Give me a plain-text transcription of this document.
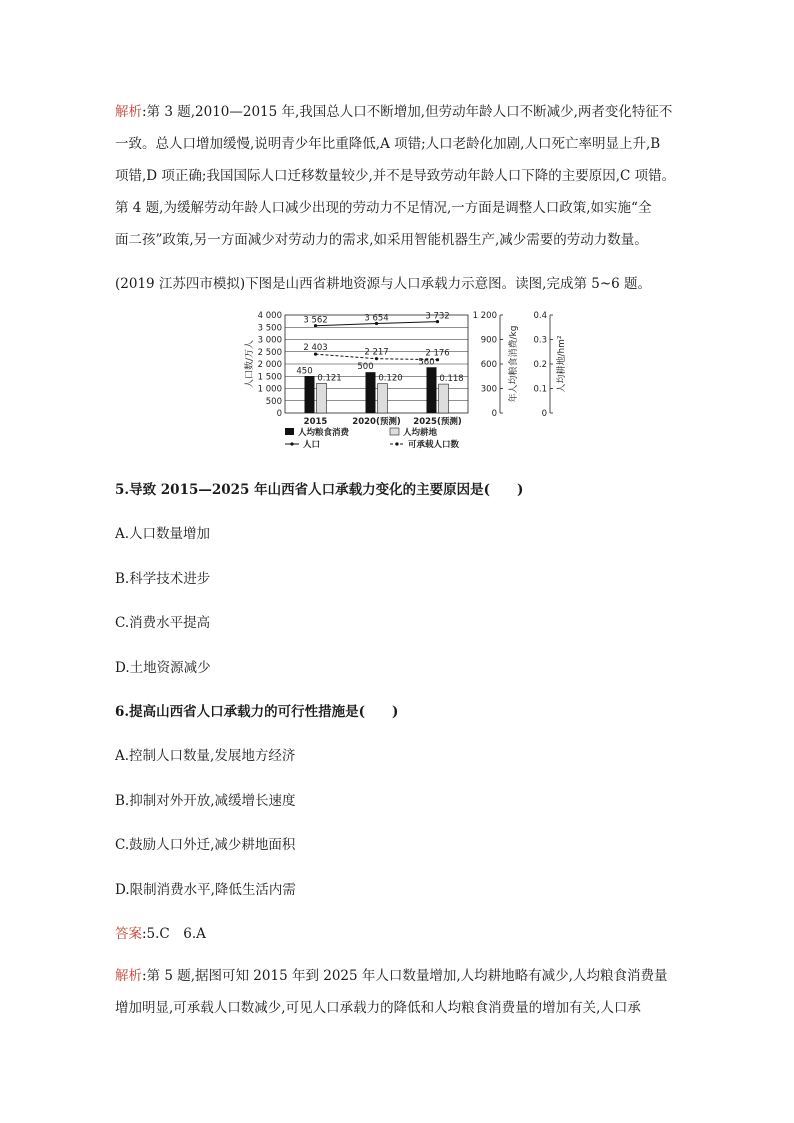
解析:第 3 题,2010—2015 年,我国总人口不断增加,但劳动年龄人口不断减少,两者变化特征不
一致。总人口增加缓慢,说明青少年比重降低,A 项错;人口老龄化加剧,人口死亡率明显上升,B
项错,D 项正确;我国国际人口迁移数量较少,并不是导致劳动年龄人口下降的主要原因,C 项错。
第 4 题,为缓解劳动年龄人口减少出现的劳动力不足情况,一方面是调整人口政策,如实施“全
面二孩”政策,另一方面减少对劳动力的需求,如采用智能机器生产,减少需要的劳动力数量。
(2019 江苏四市模拟)下图是山西省耕地资源与人口承载力示意图。读图,完成第 5~6 题。
4 000
3 500
3 000
2 500
2 000
1 500
1 000
500
0
1 200
900
600
300
0
0.4
0.3
0.2
0.1
0
人口数/万人	年人均粮食消费/kg	人均耕地/hm²
450
0.121
2015
500
0.120
2020(预测)
560
0.118
2025(预测)
3 562	3 654	3 732
2 403	2 217	2 176
人均粮食消费	人均耕地
人口	可承载人口数
5.导致 2015—2025 年山西省人口承载力变化的主要原因是(　　)
A.人口数量增加
B.科学技术进步
C.消费水平提高
D.土地资源减少
6.提高山西省人口承载力的可行性措施是(　　)
A.控制人口数量,发展地方经济
B.抑制对外开放,减缓增长速度
C.鼓励人口外迁,减少耕地面积
D.限制消费水平,降低生活内需
答案:5.C　6.A
解析:第 5 题,据图可知 2015 年到 2025 年人口数量增加,人均耕地略有减少,人均粮食消费量
增加明显,可承载人口数减少,可见人口承载力的降低和人均粮食消费量的增加有关,人口承
